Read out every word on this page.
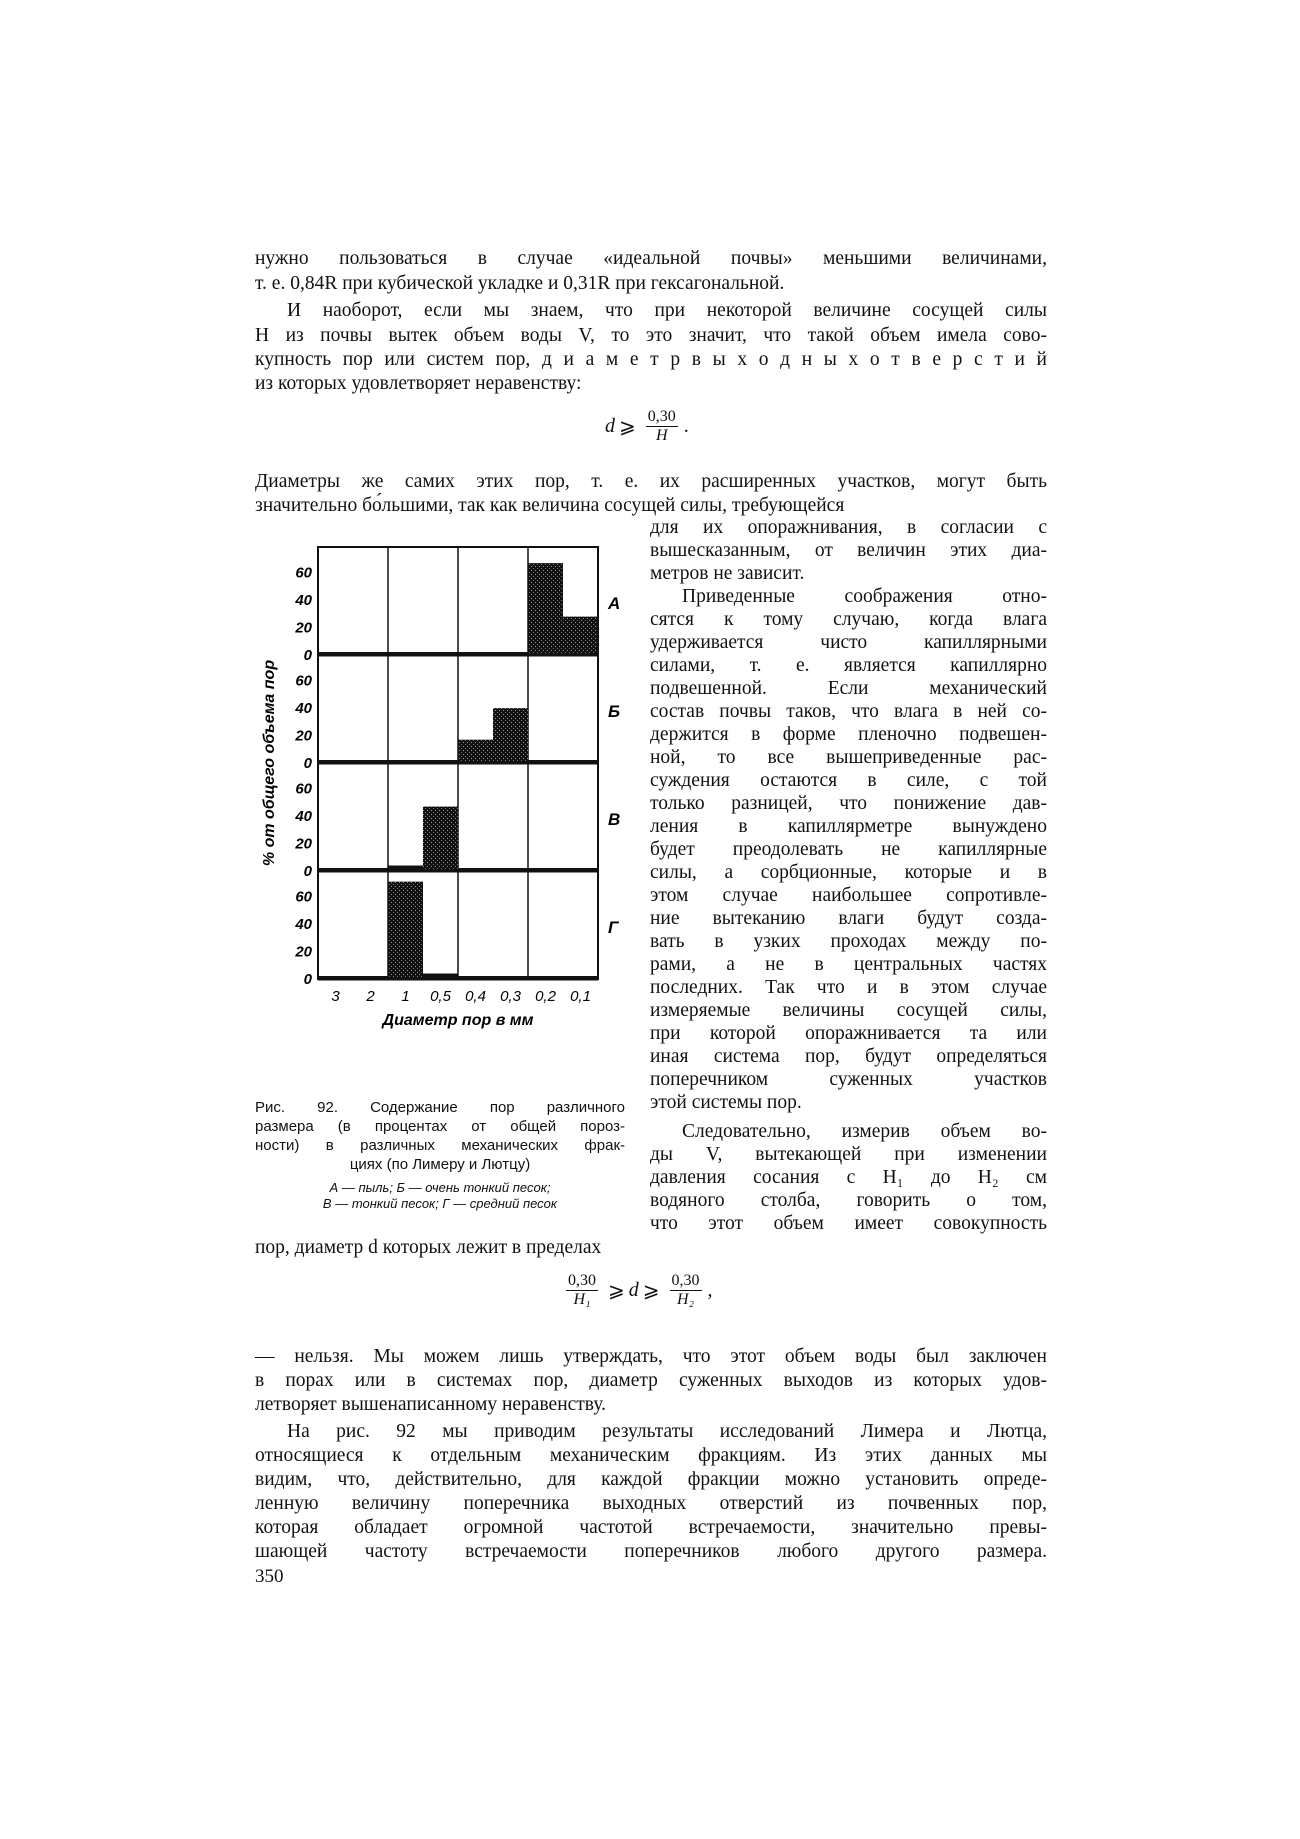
нужно пользоваться в случае «идеальной почвы» меньшими величинами,
т. е. 0,84R при кубической укладке и 0,31R при гексагональной.
И наоборот, если мы знаем, что при некоторой величине сосущей силы
H из почвы вытек объем воды V, то это значит, что такой объем имела сово-
купность пор или систем пор, д и а м е т р в ы х о д н ы х о т в е р с т и й
из которых удовлетворяет неравенству:
d ⩾ $\frac{0,30}{H}$ .
Диаметры же самих этих пор, т. е. их расширенных участков, могут быть
значительно бо́льшими, так как величина сосущей силы, требующейся
для их опоражнивания, в согласии с
вышесказанным, от величин этих диа-
метров не зависит.
Приведенные соображения отно-
сятся к тому случаю, когда влага
удерживается чисто капиллярными
силами, т. е. является капиллярно
подвешенной. Если механический
состав почвы таков, что влага в ней со-
держится в форме пленочно подвешен-
ной, то все вышеприведенные рас-
суждения остаются в силе, с той
только разницей, что понижение дав-
ления в капиллярметре вынуждено
будет преодолевать не капиллярные
силы, а сорбционные, которые и в
этом случае наибольшее сопротивле-
ние вытеканию влаги будут созда-
вать в узких проходах между по-
рами, а не в центральных частях
последних. Так что и в этом случае
измеряемые величины сосущей силы,
при которой опоражнивается та или
иная система пор, будут определяться
поперечником суженных участков
этой системы пор.
Следовательно, измерив объем во-
ды V, вытекающей при изменении
давления сосания с H₁ до H₂ см
водяного столба, говорить о том,
что этот объем имеет совокупность
0
20
40
60
А
0
20
40
60
Б
0
20
40
60
В
0
20
40
60
Г
3 2 1 0,5 0,4 0,3 0,2 0,1
Диаметр пор в мм
% от общего объема пор
Рис. 92. Содержание пор различного
размера (в процентах от общей пороз-
ности) в различных механических фрак-
циях (по Лимеру и Лютцу)
А — пыль; Б — очень тонкий песок;
В — тонкий песок; Г — средний песок
пор, диаметр d которых лежит в пределах
$\frac{0,30}{\text{H₁}}$ ⩾ d ⩾ $\frac{0,30}{\text{H₂}}$ ,
— нельзя. Мы можем лишь утверждать, что этот объем воды был заключен
в порах или в системах пор, диаметр суженных выходов из которых удов-
летворяет вышенаписанному неравенству.
На рис. 92 мы приводим результаты исследований Лимера и Лютца,
относящиеся к отдельным механическим фракциям. Из этих данных мы
видим, что, действительно, для каждой фракции можно установить опреде-
ленную величину поперечника выходных отверстий из почвенных пор,
которая обладает огромной частотой встречаемости, значительно превы-
шающей частоту встречаемости поперечников любого другого размера.
350
